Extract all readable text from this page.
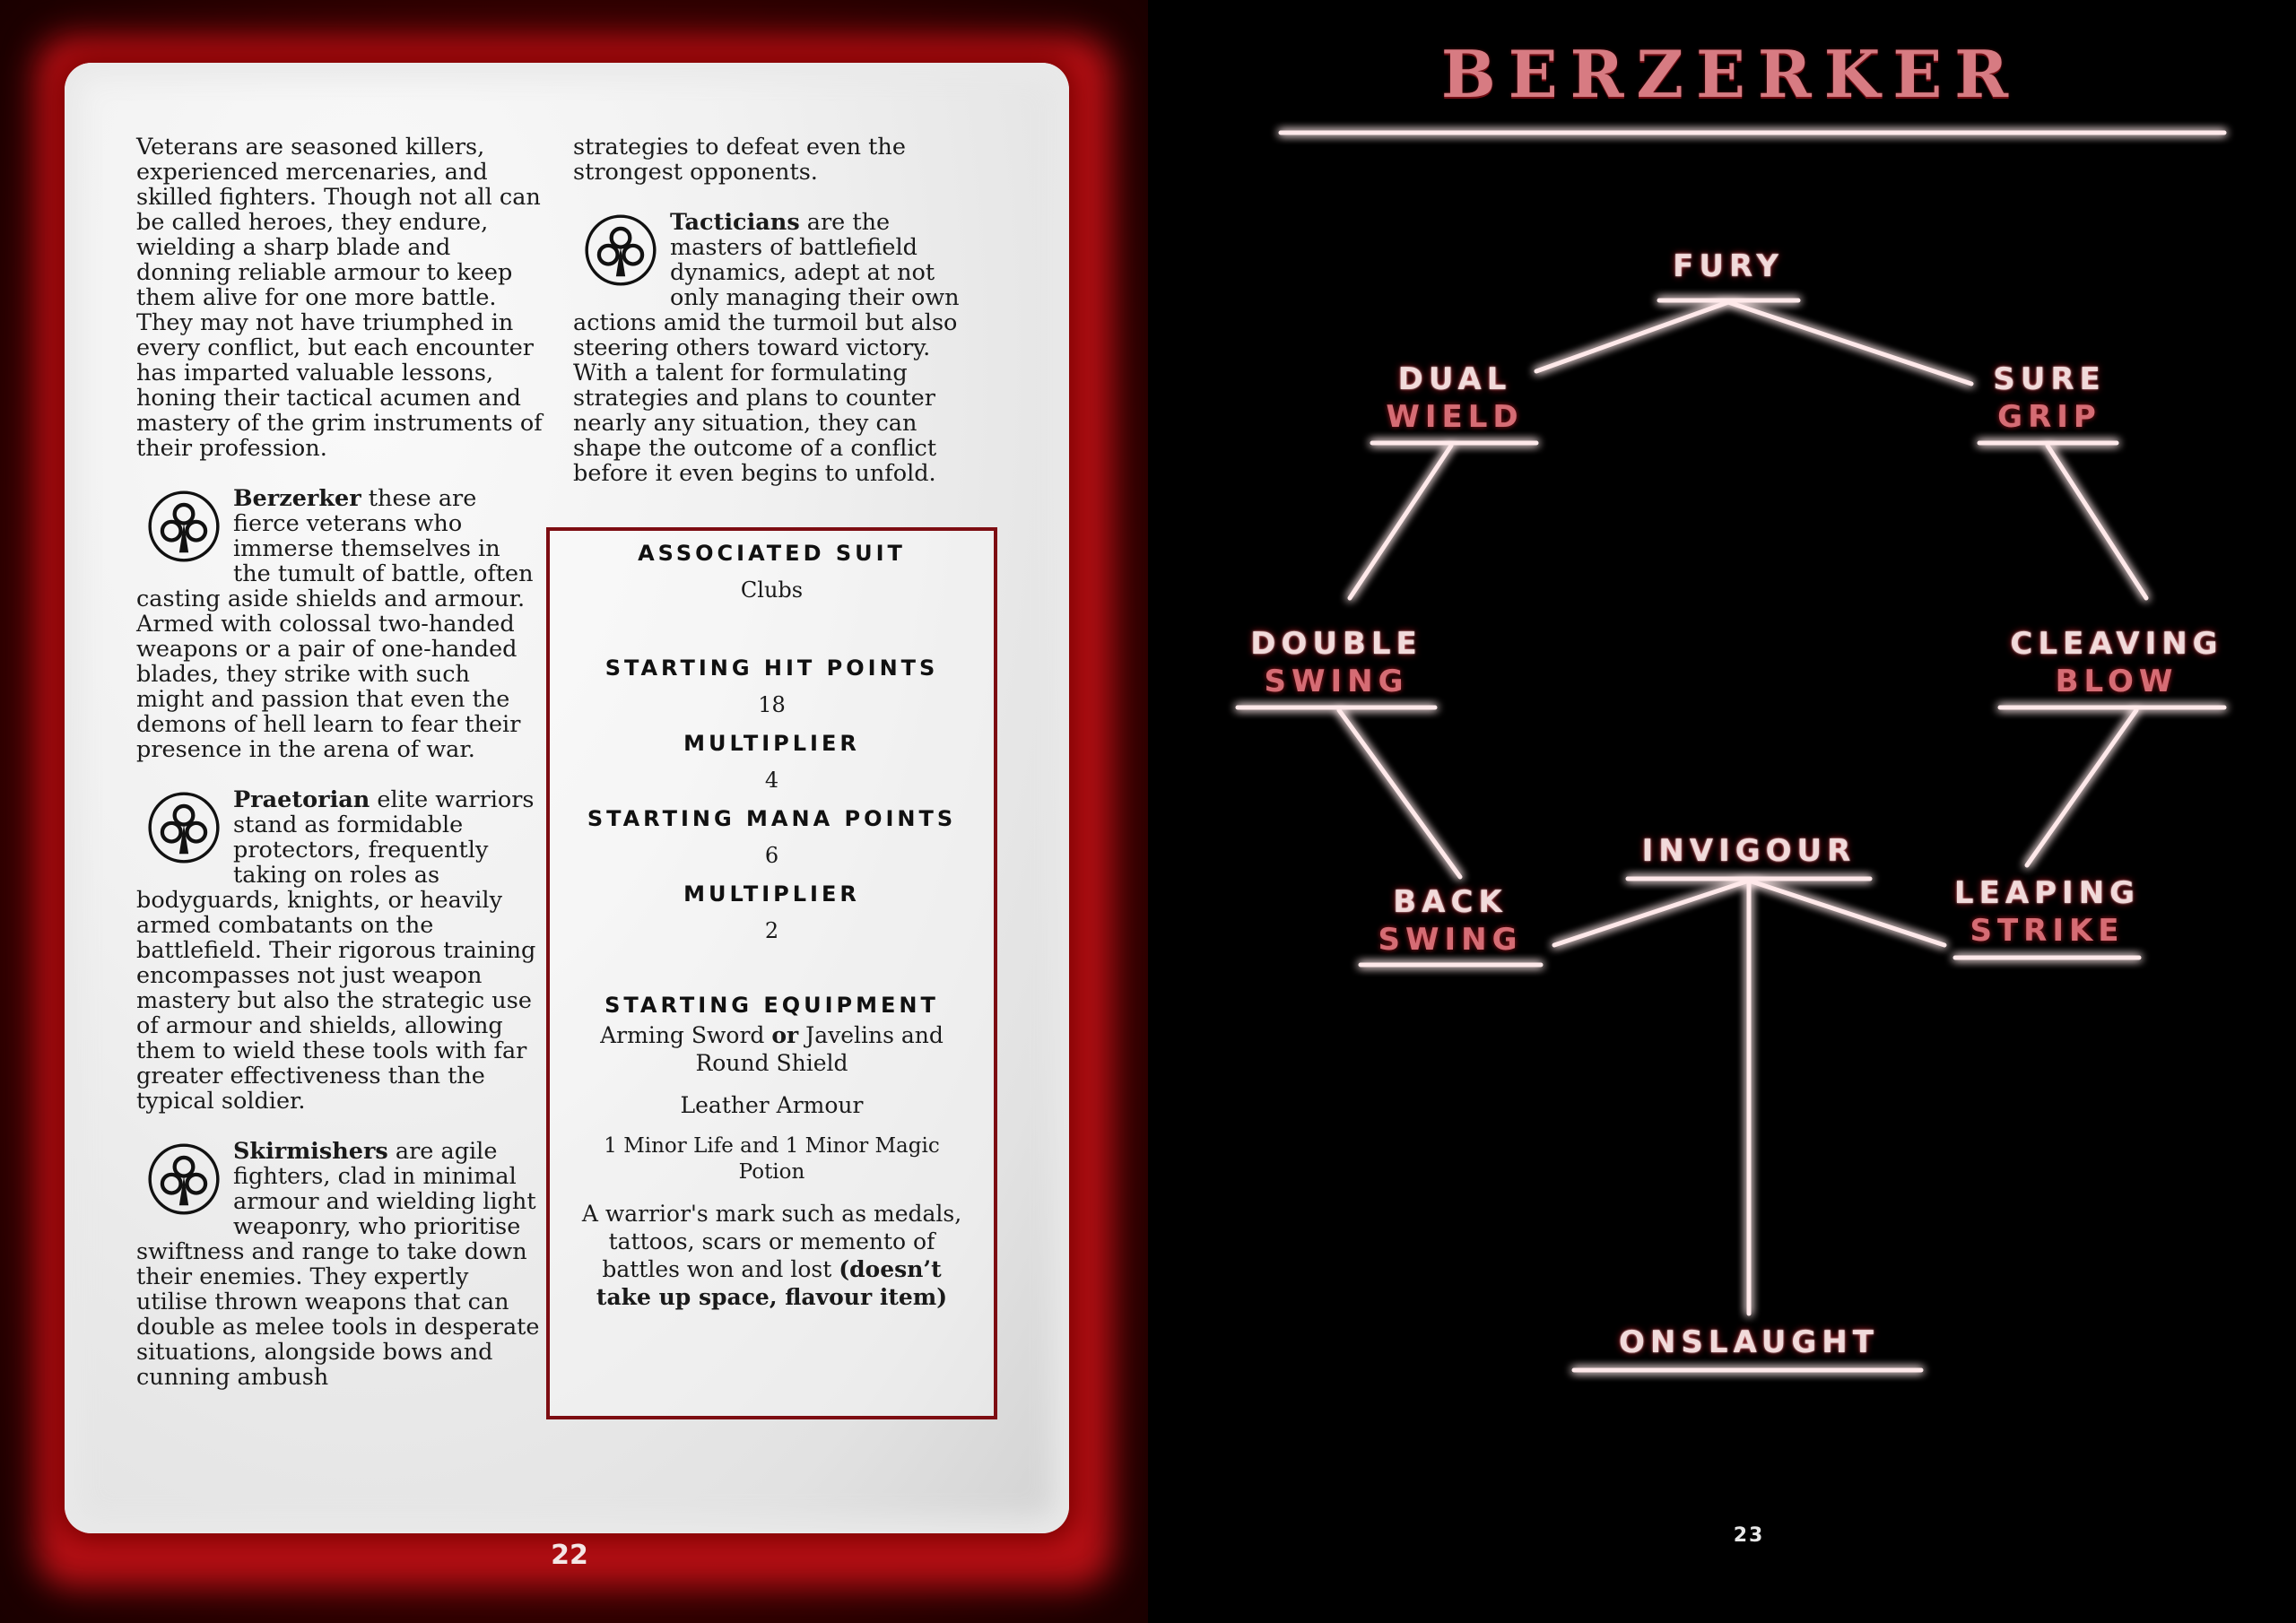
Veterans are seasoned killers, experienced mercenaries, and skilled fighters. Though not all can be called heroes, they endure, wielding a sharp blade and donning reliable armour to keep them alive for one more battle. They may not have triumphed in every conflict, but each encounter has imparted valuable lessons, honing their tactical acumen and mastery of the grim instruments of their profession.

Berzerker these are fierce veterans who immerse themselves in the tumult of battle, often casting aside shields and armour. Armed with colossal two-handed weapons or a pair of one-handed blades, they strike with such might and passion that even the demons of hell learn to fear their presence in the arena of war.

Praetorian elite warriors stand as formidable protectors, frequently taking on roles as bodyguards, knights, or heavily armed combatants on the battlefield. Their rigorous training encompasses not just weapon mastery but also the strategic use of armour and shields, allowing them to wield these tools with far greater effectiveness than the typical soldier.

Skirmishers are agile fighters, clad in minimal armour and wielding light weaponry, who prioritise swiftness and range to take down their enemies. They expertly utilise thrown weapons that can double as melee tools in desperate situations, alongside bows and cunning ambush

strategies to defeat even the strongest opponents.

Tacticians are the masters of battlefield dynamics, adept at not only managing their own actions amid the turmoil but also steering others toward victory. With a talent for formulating strategies and plans to counter nearly any situation, they can shape the outcome of a conflict before it even begins to unfold.

ASSOCIATED SUIT
Clubs
STARTING HIT POINTS
18
MULTIPLIER
4
STARTING MANA POINTS
6
MULTIPLIER
2
STARTING EQUIPMENT
Arming Sword or Javelins and Round Shield
Leather Armour
1 Minor Life and 1 Minor Magic Potion
A warrior's mark such as medals, tattoos, scars or memento of battles won and lost (doesn’t take up space, flavour item)
22
BERZERKER
FURY
DUAL
WIELD
SURE
GRIP
DOUBLE
SWING
CLEAVING
BLOW
INVIGOUR
BACK
SWING
LEAPING
STRIKE
ONSLAUGHT
23
